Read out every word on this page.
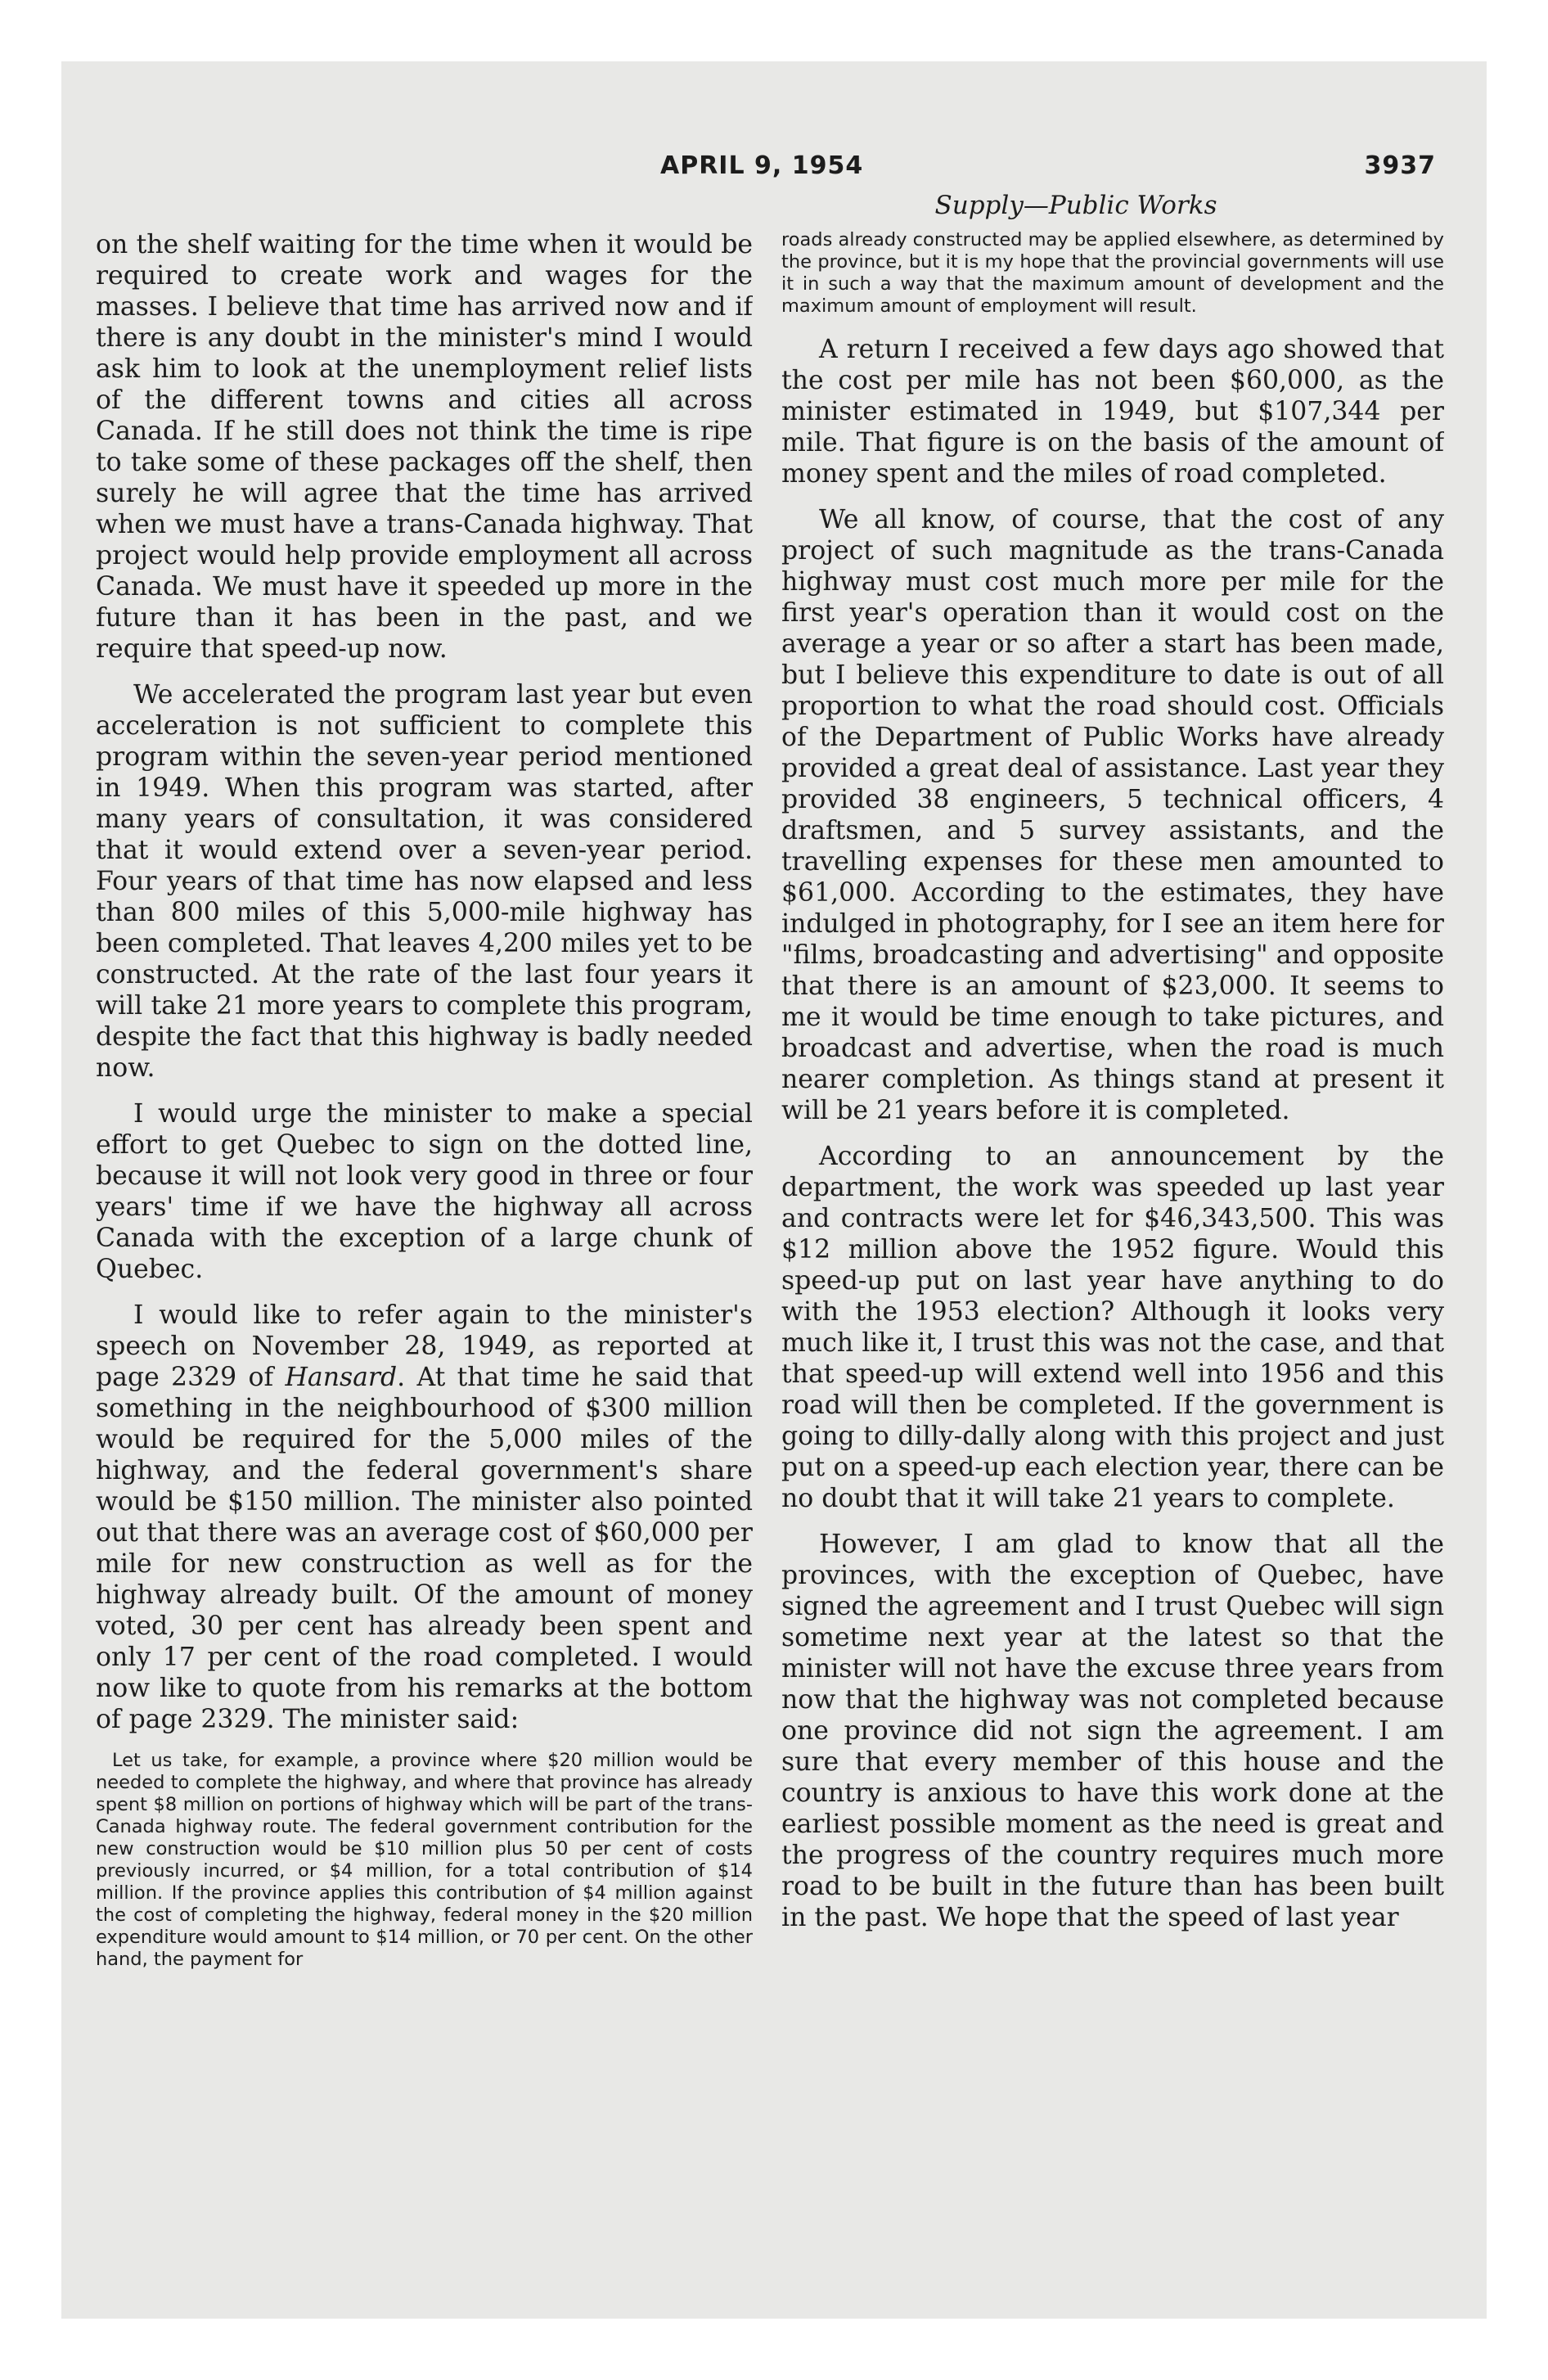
APRIL 9, 1954	3937
Supply—Public Works

on the shelf waiting for the time when it would be required to create work and wages for the masses. I believe that time has arrived now and if there is any doubt in the minister's mind I would ask him to look at the unemployment relief lists of the different towns and cities all across Canada. If he still does not think the time is ripe to take some of these packages off the shelf, then surely he will agree that the time has arrived when we must have a trans-Canada highway. That project would help provide employment all across Canada. We must have it speeded up more in the future than it has been in the past, and we require that speed-up now.

We accelerated the program last year but even acceleration is not sufficient to complete this program within the seven-year period mentioned in 1949. When this program was started, after many years of consultation, it was considered that it would extend over a seven-year period. Four years of that time has now elapsed and less than 800 miles of this 5,000-mile highway has been completed. That leaves 4,200 miles yet to be constructed. At the rate of the last four years it will take 21 more years to complete this program, despite the fact that this highway is badly needed now.

I would urge the minister to make a special effort to get Quebec to sign on the dotted line, because it will not look very good in three or four years' time if we have the highway all across Canada with the exception of a large chunk of Quebec.

I would like to refer again to the minister's speech on November 28, 1949, as reported at page 2329 of Hansard. At that time he said that something in the neighbourhood of $300 million would be required for the 5,000 miles of the highway, and the federal government's share would be $150 million. The minister also pointed out that there was an average cost of $60,000 per mile for new construction as well as for the highway already built. Of the amount of money voted, 30 per cent has already been spent and only 17 per cent of the road completed. I would now like to quote from his remarks at the bottom of page 2329. The minister said:

Let us take, for example, a province where $20 million would be needed to complete the highway, and where that province has already spent $8 million on portions of highway which will be part of the trans-Canada highway route. The federal government contribution for the new construction would be $10 million plus 50 per cent of costs previously incurred, or $4 million, for a total contribution of $14 million. If the province applies this contribution of $4 million against the cost of completing the highway, federal money in the $20 million expenditure would amount to $14 million, or 70 per cent. On the other hand, the payment for

roads already constructed may be applied elsewhere, as determined by the province, but it is my hope that the provincial governments will use it in such a way that the maximum amount of development and the maximum amount of employment will result.

A return I received a few days ago showed that the cost per mile has not been $60,000, as the minister estimated in 1949, but $107,344 per mile. That figure is on the basis of the amount of money spent and the miles of road completed.

We all know, of course, that the cost of any project of such magnitude as the trans-Canada highway must cost much more per mile for the first year's operation than it would cost on the average a year or so after a start has been made, but I believe this expenditure to date is out of all proportion to what the road should cost. Officials of the Department of Public Works have already provided a great deal of assistance. Last year they provided 38 engineers, 5 technical officers, 4 draftsmen, and 5 survey assistants, and the travelling expenses for these men amounted to $61,000. According to the estimates, they have indulged in photography, for I see an item here for "films, broadcasting and advertising" and opposite that there is an amount of $23,000. It seems to me it would be time enough to take pictures, and broadcast and advertise, when the road is much nearer completion. As things stand at present it will be 21 years before it is completed.

According to an announcement by the department, the work was speeded up last year and contracts were let for $46,343,500. This was $12 million above the 1952 figure. Would this speed-up put on last year have anything to do with the 1953 election? Although it looks very much like it, I trust this was not the case, and that that speed-up will extend well into 1956 and this road will then be completed. If the government is going to dilly-dally along with this project and just put on a speed-up each election year, there can be no doubt that it will take 21 years to complete.

However, I am glad to know that all the provinces, with the exception of Quebec, have signed the agreement and I trust Quebec will sign sometime next year at the latest so that the minister will not have the excuse three years from now that the highway was not completed because one province did not sign the agreement. I am sure that every member of this house and the country is anxious to have this work done at the earliest possible moment as the need is great and the progress of the country requires much more road to be built in the future than has been built in the past. We hope that the speed of last year
